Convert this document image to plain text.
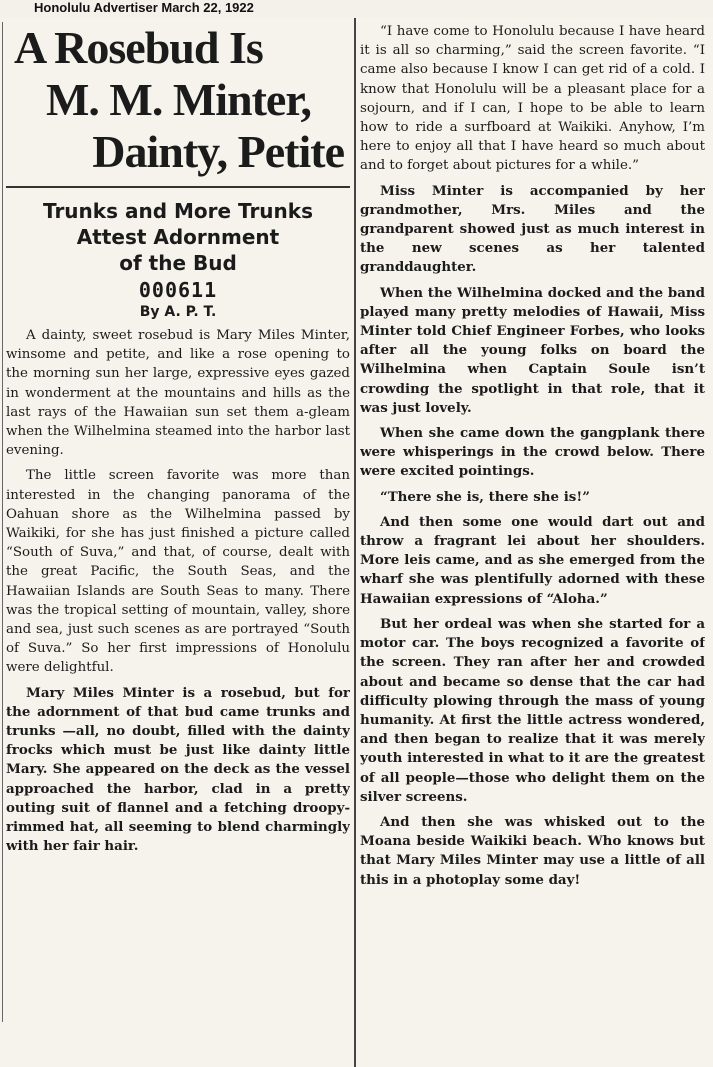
Honolulu Advertiser March 22, 1922
A Rosebud Is
M. M. Minter,
Dainty, Petite

Trunks and More Trunks

Attest Adornment

of the Bud

000611

By A. P. T.

A dainty, sweet rosebud is Mary Miles Minter, winsome and petite, and like a rose opening to the morning sun her large, expressive eyes gazed in wonderment at the mountains and hills as the last rays of the Hawaiian sun set them a-gleam when the Wilhelmina steamed into the harbor last evening.

The little screen favorite was more than interested in the changing panorama of the Oahuan shore as the Wilhelmina passed by Waikiki, for she has just finished a picture called “South of Suva,” and that, of course, dealt with the great Pacific, the South Seas, and the Hawaiian Islands are South Seas to many. There was the tropical setting of mountain, valley, shore and sea, just such scenes as are portrayed “South of Suva.” So her first impressions of Honolulu were delightful.

Mary Miles Minter is a rosebud, but for the adornment of that bud came trunks and trunks —all, no doubt, filled with the dainty frocks which must be just like dainty little Mary. She appeared on the deck as the vessel approached the harbor, clad in a pretty outing suit of flannel and a fetching droopy-rimmed hat, all seeming to blend charmingly with her fair hair.

“I have come to Honolulu because I have heard it is all so charming,” said the screen favorite. “I came also because I know I can get rid of a cold. I know that Honolulu will be a pleasant place for a sojourn, and if I can, I hope to be able to learn how to ride a surfboard at Waikiki. Anyhow, I’m here to enjoy all that I have heard so much about and to forget about pictures for a while.”

Miss Minter is accompanied by her grandmother, Mrs. Miles and the grandparent showed just as much interest in the new scenes as her talented granddaughter.

When the Wilhelmina docked and the band played many pretty melodies of Hawaii, Miss Minter told Chief Engineer Forbes, who looks after all the young folks on board the Wilhelmina when Captain Soule isn’t crowding the spotlight in that role, that it was just lovely.

When she came down the gangplank there were whisperings in the crowd below. There were excited pointings.

“There she is, there she is!”

And then some one would dart out and throw a fragrant lei about her shoulders. More leis came, and as she emerged from the wharf she was plentifully adorned with these Hawaiian expressions of “Aloha.”

But her ordeal was when she started for a motor car. The boys recognized a favorite of the screen. They ran after her and crowded about and became so dense that the car had difficulty plowing through the mass of young humanity. At first the little actress wondered, and then began to realize that it was merely youth interested in what to it are the greatest of all people—those who delight them on the silver screens.

And then she was whisked out to the Moana beside Waikiki beach. Who knows but that Mary Miles Minter may use a little of all this in a photoplay some day!
